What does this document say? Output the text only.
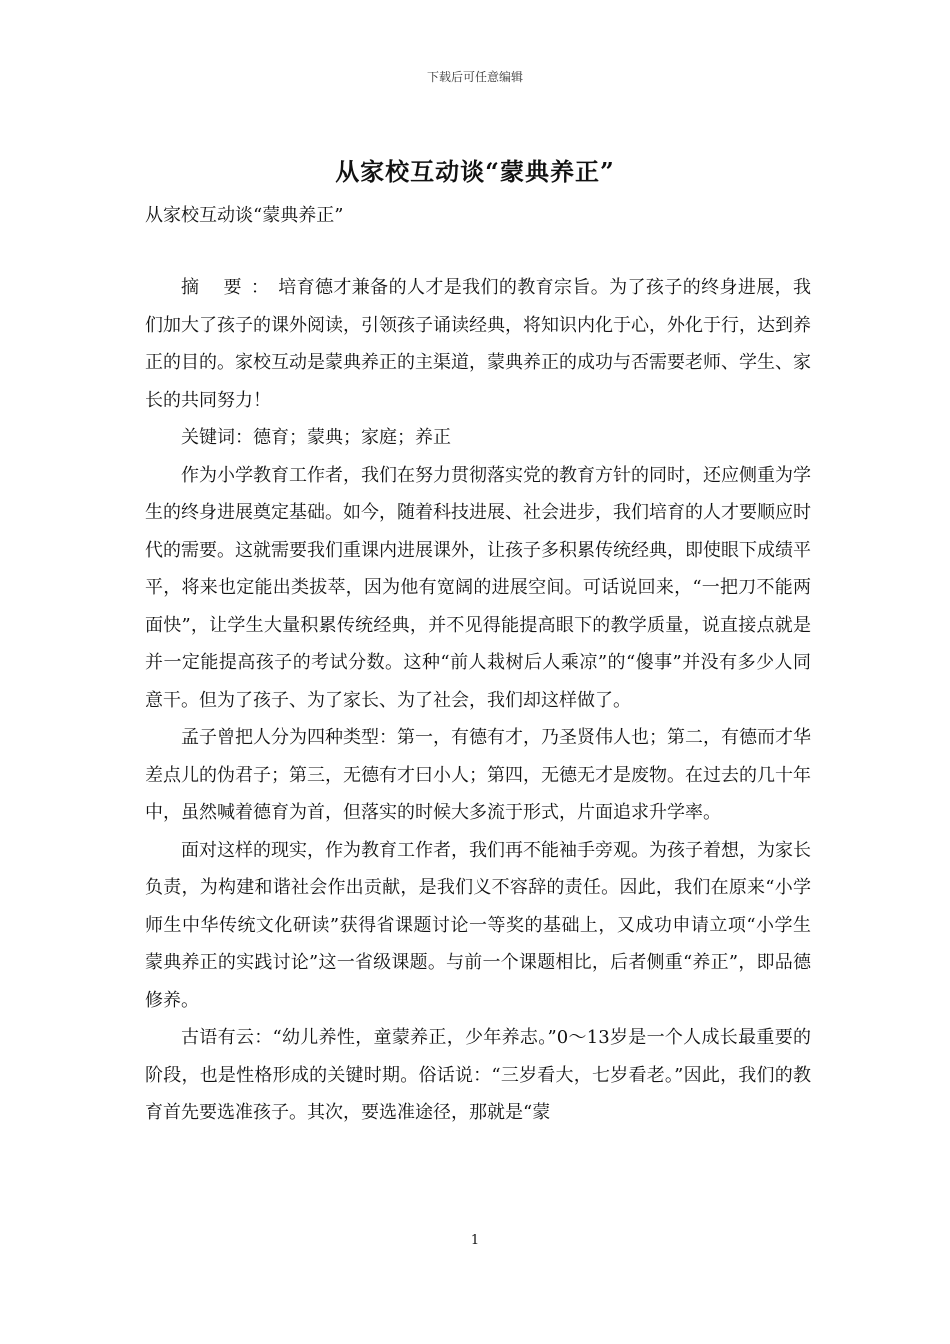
下载后可任意编辑
从家校互动谈“蒙典养正”
从家校互动谈“蒙典养正”

摘 要：培育德才兼备的人才是我们的教育宗旨。为了孩子的终身进展，我们加大了孩子的课外阅读，引领孩子诵读经典，将知识内化于心，外化于行，达到养正的目的。家校互动是蒙典养正的主渠道，蒙典养正的成功与否需要老师、学生、家长的共同努力！

关键词：德育；蒙典；家庭；养正

作为小学教育工作者，我们在努力贯彻落实党的教育方针的同时，还应侧重为学生的终身进展奠定基础。如今，随着科技进展、社会进步，我们培育的人才要顺应时代的需要。这就需要我们重课内进展课外，让孩子多积累传统经典，即使眼下成绩平平，将来也定能出类拔萃，因为他有宽阔的进展空间。可话说回来，“一把刀不能两面快”，让学生大量积累传统经典，并不见得能提高眼下的教学质量，说直接点就是并一定能提高孩子的考试分数。这种“前人栽树后人乘凉”的“傻事”并没有多少人同意干。但为了孩子、为了家长、为了社会，我们却这样做了。

孟子曾把人分为四种类型：第一，有德有才，乃圣贤伟人也；第二，有德而才华差点儿的伪君子；第三，无德有才曰小人；第四，无德无才是废物。在过去的几十年中，虽然喊着德育为首，但落实的时候大多流于形式，片面追求升学率。

面对这样的现实，作为教育工作者，我们再不能袖手旁观。为孩子着想，为家长负责，为构建和谐社会作出贡献，是我们义不容辞的责任。因此，我们在原来“小学师生中华传统文化研读”获得省课题讨论一等奖的基础上，又成功申请立项“小学生蒙典养正的实践讨论”这一省级课题。与前一个课题相比，后者侧重“养正”，即品德修养。

古语有云：“幼儿养性，童蒙养正，少年养志。”0～13岁是一个人成长最重要的阶段，也是性格形成的关键时期。俗话说：“三岁看大，七岁看老。”因此，我们的教育首先要选准孩子。其次，要选准途径，那就是“蒙

1
